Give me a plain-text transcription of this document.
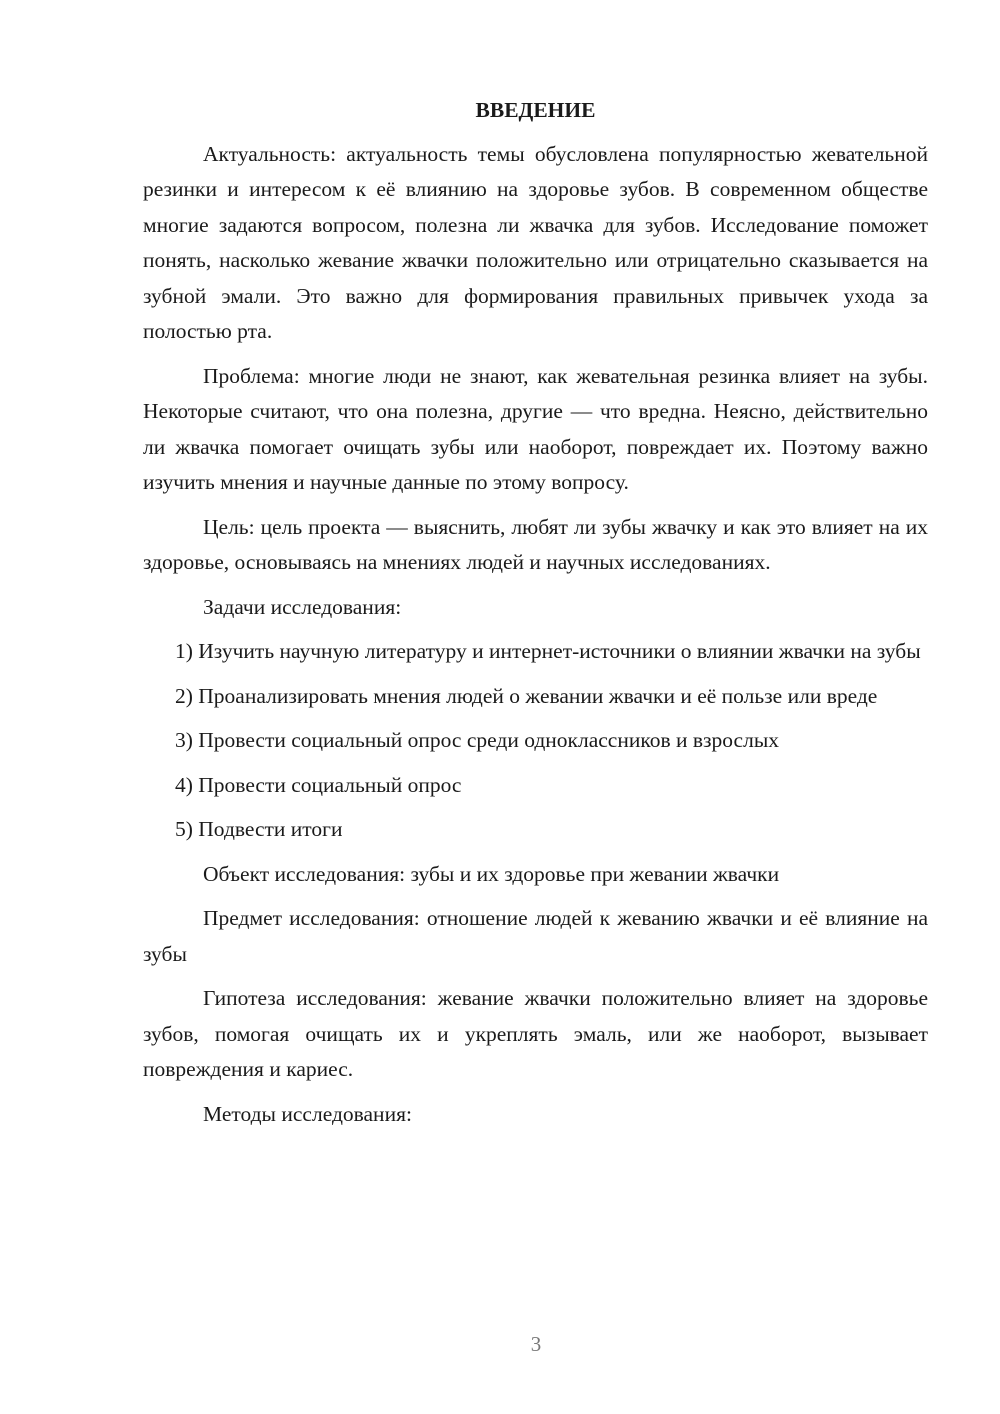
ВВЕДЕНИЕ

Актуальность: актуальность темы обусловлена популярностью жевательной резинки и интересом к её влиянию на здоровье зубов. В современном обществе многие задаются вопросом, полезна ли жвачка для зубов. Исследование поможет понять, насколько жевание жвачки положительно или отрицательно сказывается на зубной эмали. Это важно для формирования правильных привычек ухода за полостью рта.

Проблема: многие люди не знают, как жевательная резинка влияет на зубы. Некоторые считают, что она полезна, другие — что вредна. Неясно, действительно ли жвачка помогает очищать зубы или наоборот, повреждает их. Поэтому важно изучить мнения и научные данные по этому вопросу.

Цель: цель проекта — выяснить, любят ли зубы жвачку и как это влияет на их здоровье, основываясь на мнениях людей и научных исследованиях.

Задачи исследования:

1) Изучить научную литературу и интернет-источники о влиянии жвачки на зубы

2) Проанализировать мнения людей о жевании жвачки и её пользе или вреде

3) Провести социальный опрос среди одноклассников и взрослых

4) Провести социальный опрос

5) Подвести итоги

Объект исследования: зубы и их здоровье при жевании жвачки

Предмет исследования: отношение людей к жеванию жвачки и её влияние на зубы

Гипотеза исследования: жевание жвачки положительно влияет на здоровье зубов, помогая очищать их и укреплять эмаль, или же наоборот, вызывает повреждения и кариес.

Методы исследования:

3
